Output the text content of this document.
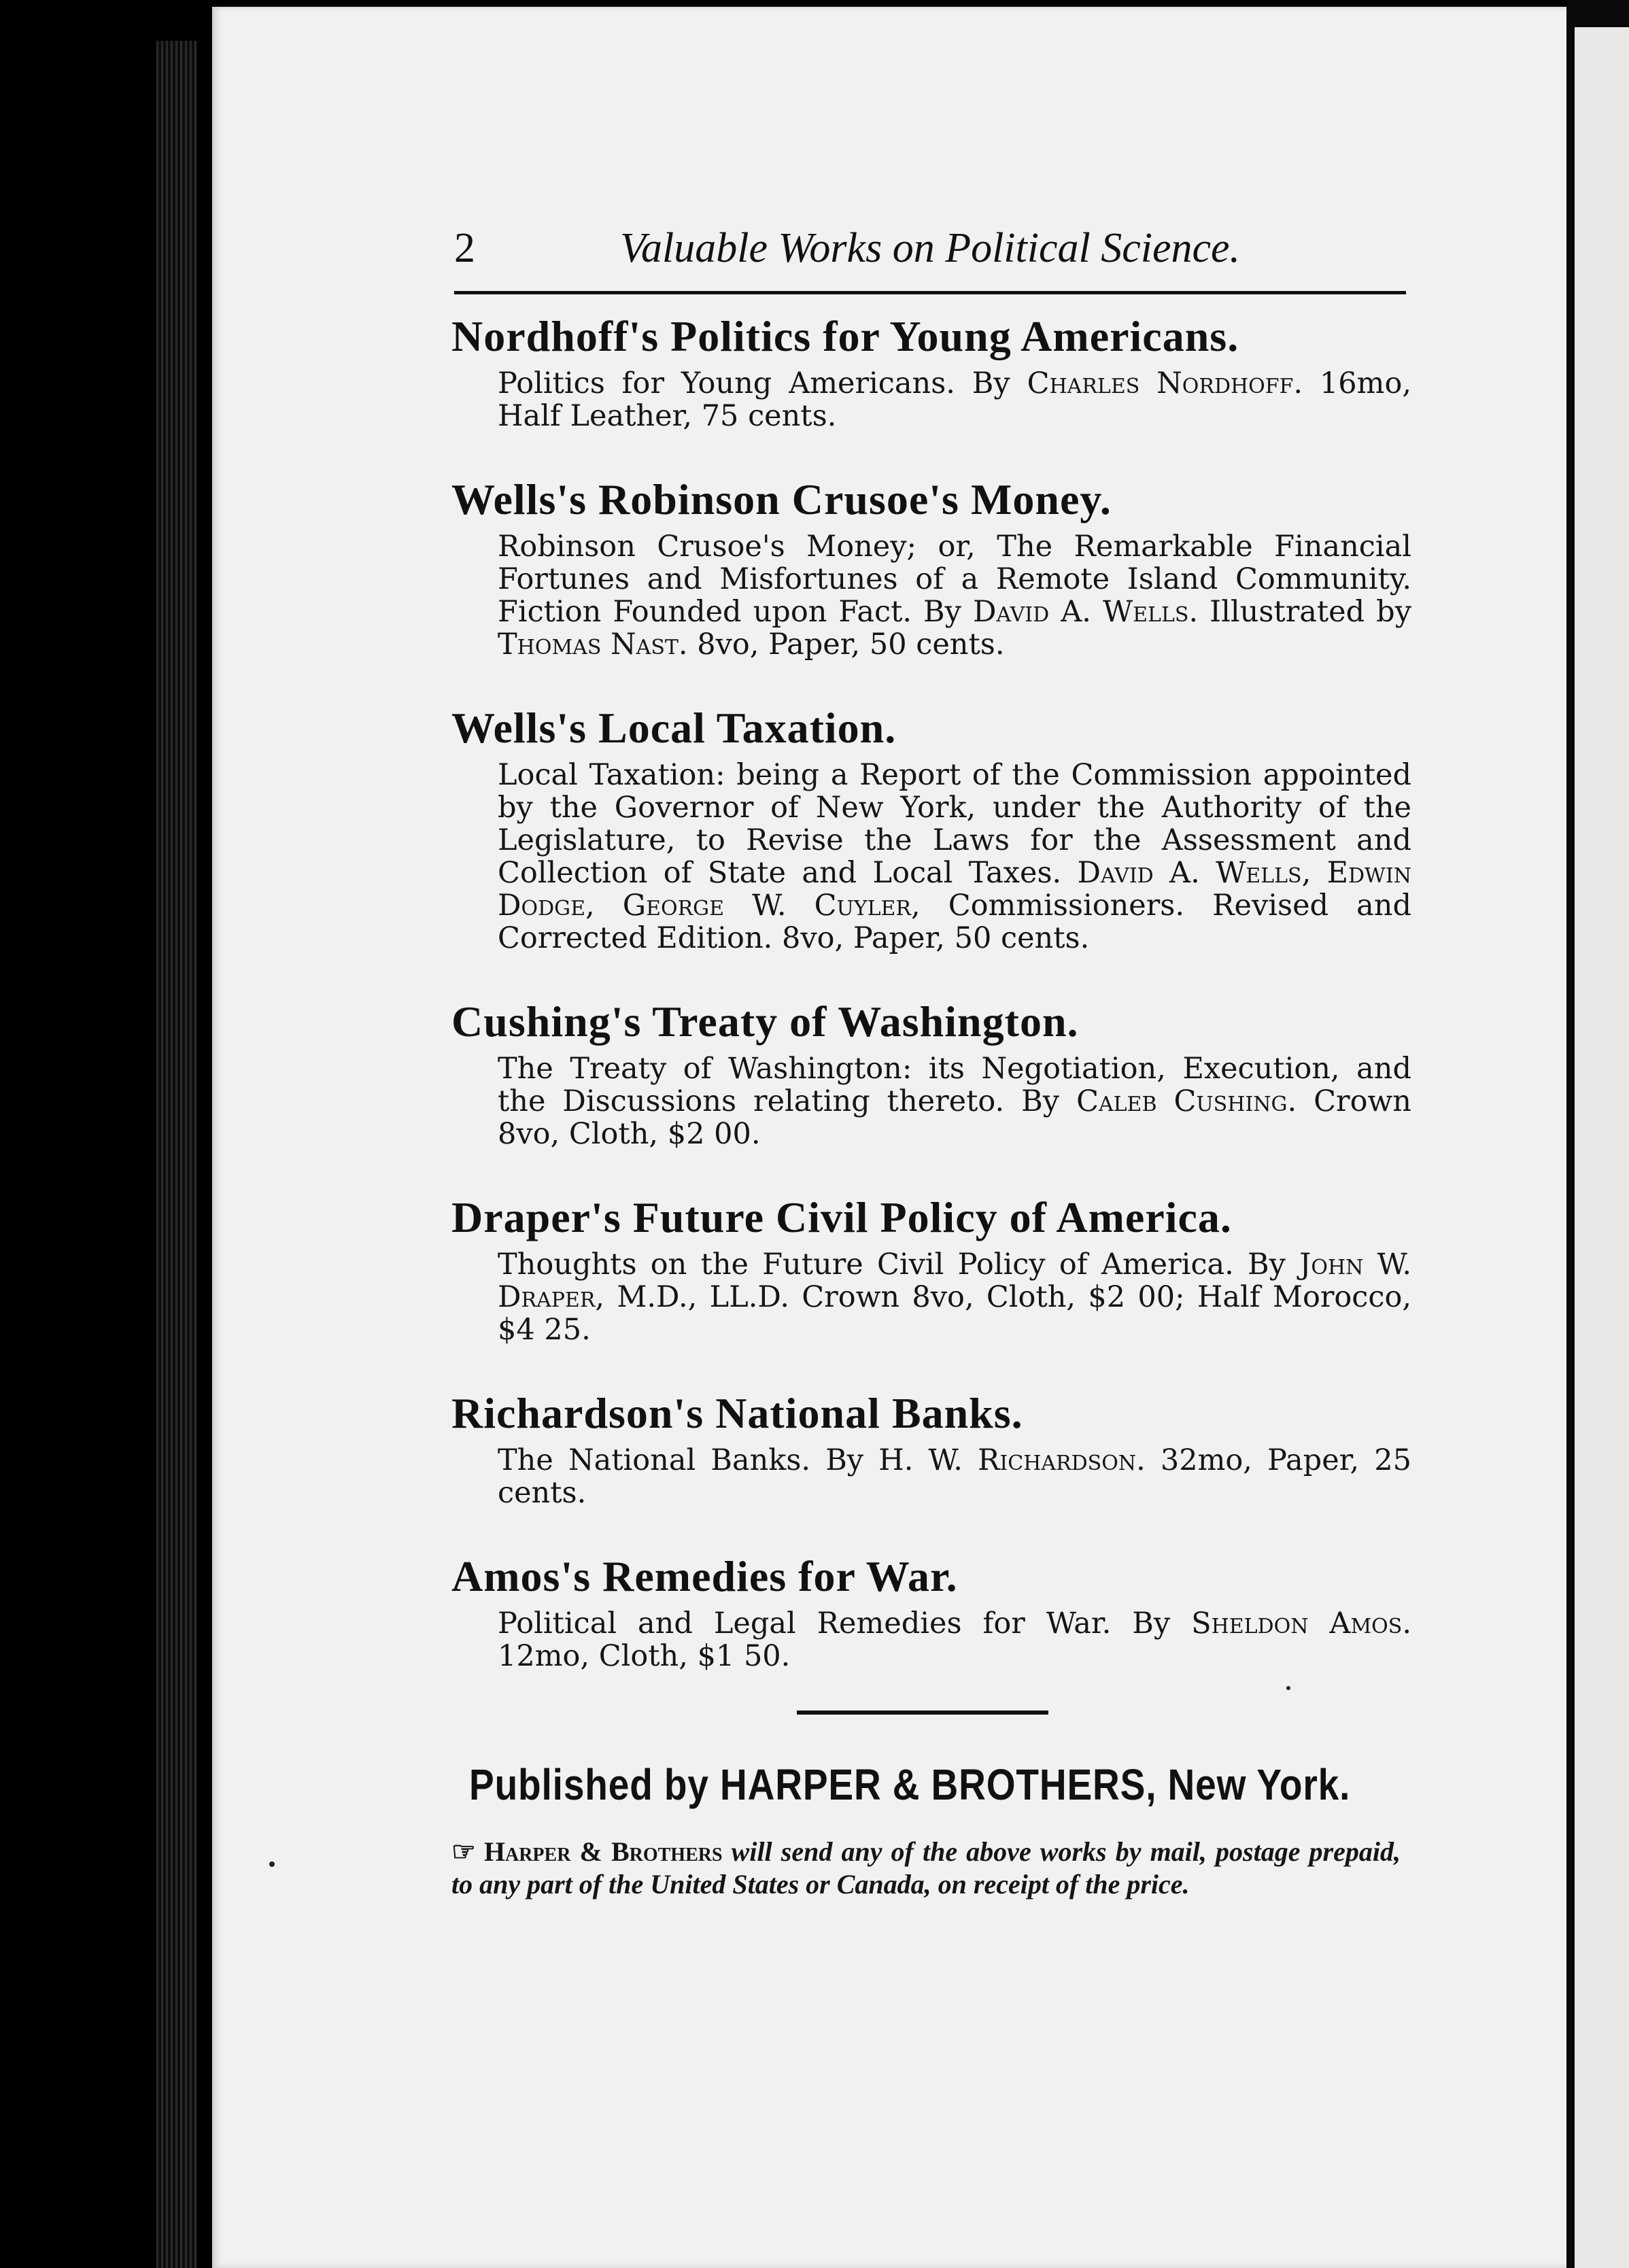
2	Valuable Works on Political Science.
Nordhoff's Politics for Young Americans.
Politics for Young Americans. By Charles Nordhoff. 16mo, Half Leather, 75 cents.
Wells's Robinson Crusoe's Money.
Robinson Crusoe's Money; or, The Remarkable Financial Fortunes and Misfortunes of a Remote Island Community. Fiction Founded upon Fact. By David A. Wells. Illustrated by Thomas Nast. 8vo, Paper, 50 cents.
Wells's Local Taxation.
Local Taxation: being a Report of the Commission appointed by the Governor of New York, under the Authority of the Legislature, to Revise the Laws for the Assessment and Collection of State and Local Taxes. David A. Wells, Edwin Dodge, George W. Cuyler, Commissioners. Revised and Corrected Edition. 8vo, Paper, 50 cents.
Cushing's Treaty of Washington.
The Treaty of Washington: its Negotiation, Execution, and the Discussions relating thereto. By Caleb Cushing. Crown 8vo, Cloth, $2 00.
Draper's Future Civil Policy of America.
Thoughts on the Future Civil Policy of America. By John W. Draper, M.D., LL.D. Crown 8vo, Cloth, $2 00; Half Morocco, $4 25.
Richardson's National Banks.
The National Banks. By H. W. Richardson. 32mo, Paper, 25 cents.
Amos's Remedies for War.
Political and Legal Remedies for War. By Sheldon Amos. 12mo, Cloth, $1 50.
Published by HARPER & BROTHERS, New York.
☞ Harper & Brothers will send any of the above works by mail, postage prepaid, to any part of the United States or Canada, on receipt of the price.
